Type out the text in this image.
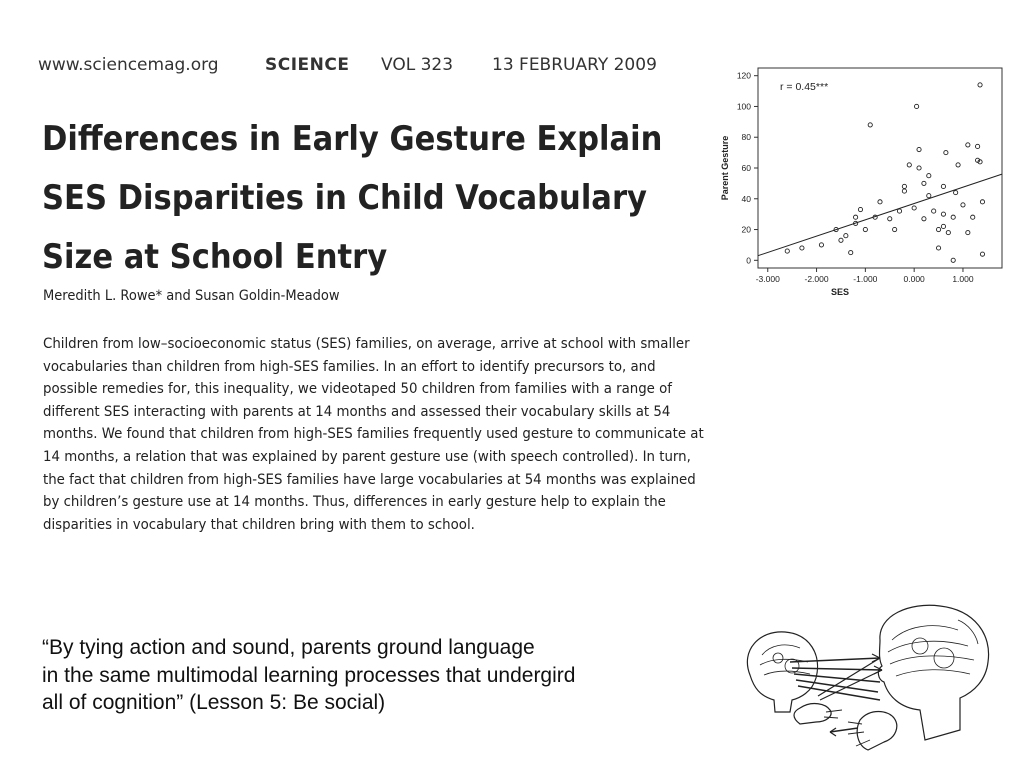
www.sciencemag.org	SCIENCE VOL 323 13 FEBRUARY 2009
Differences in Early Gesture Explain
SES Disparities in Child Vocabulary
Size at School Entry
Meredith L. Rowe* and Susan Goldin-Meadow
Children from low–socioeconomic status (SES) families, on average, arrive at school with smaller
vocabularies than children from high-SES families. In an effort to identify precursors to, and
possible remedies for, this inequality, we videotaped 50 children from families with a range of
different SES interacting with parents at 14 months and assessed their vocabulary skills at 54
months. We found that children from high-SES families frequently used gesture to communicate at
14 months, a relation that was explained by parent gesture use (with speech controlled). In turn,
the fact that children from high-SES families have large vocabularies at 54 months was explained
by children’s gesture use at 14 months. Thus, differences in early gesture help to explain the
disparities in vocabulary that children bring with them to school.
-3.000	-2.000	-1.000	0.000	1.000
0
20
40
60
80
100
120
SES
Parent Gesture
r = 0.45***
“By tying action and sound, parents ground language
in the same multimodal learning processes that undergird
all of cognition” (Lesson 5: Be social)
